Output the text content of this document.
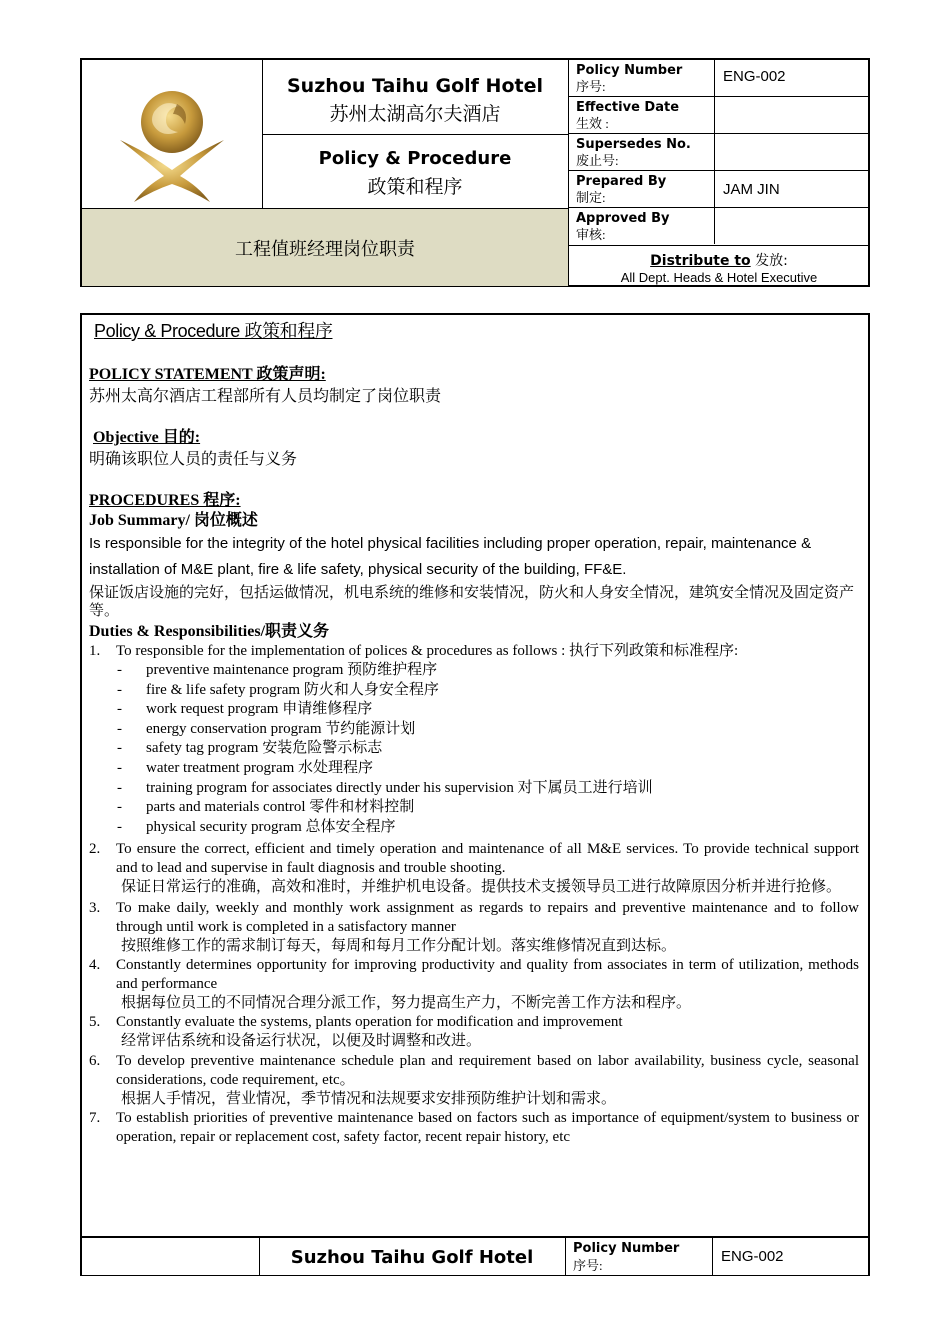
Suzhou Taihu Golf Hotel
苏州太湖高尔夫酒店
Policy & Procedure
政策和程序
工程值班经理岗位职责
Policy Number
序号:
ENG-002
Effective Date
生效 :
Supersedes No.
废止号:
Prepared By
制定:	JAM JIN
Approved By
审核:
Distribute to 发放:
All Dept. Heads & Hotel Executive
Policy & Procedure 政策和程序
POLICY STATEMENT 政策声明:
苏州太高尔酒店工程部所有人员均制定了岗位职责
Objective 目的:
明确该职位人员的责任与义务
PROCEDURES 程序:
Job Summary/ 岗位概述
Is responsible for the integrity of the hotel physical facilities including proper operation, repair, maintenance & installation of M&E plant, fire & life safety, physical security of the building, FF&E.
保证饭店设施的完好，包括运做情况，机电系统的维修和安装情况，防火和人身安全情况，建筑安全情况及固定资产等。
Duties & Responsibilities/职责义务
1. To responsible for the implementation of polices & procedures as follows : 执行下列政策和标准程序:
- preventive maintenance program 预防维护程序
- fire & life safety program 防火和人身安全程序
- work request program 申请维修程序
- energy conservation program 节约能源计划
- safety tag program 安装危险警示标志
- water treatment program 水处理程序
- training program for associates directly under his supervision 对下属员工进行培训
- parts and materials control 零件和材料控制
- physical security program 总体安全程序
2. To ensure the correct, efficient and timely operation and maintenance of all M&E services. To provide technical support and to lead and supervise in fault diagnosis and trouble shooting.
保证日常运行的准确，高效和准时，并维护机电设备。提供技术支援领导员工进行故障原因分析并进行抢修。
3. To make daily, weekly and monthly work assignment as regards to repairs and preventive maintenance and to follow through until work is completed in a satisfactory manner
按照维修工作的需求制订每天，每周和每月工作分配计划。落实维修情况直到达标。
4. Constantly determines opportunity for improving productivity and quality from associates in term of utilization, methods and performance
根据每位员工的不同情况合理分派工作，努力提高生产力，不断完善工作方法和程序。
5. Constantly evaluate the systems, plants operation for modification and improvement
经常评估系统和设备运行状况，以便及时调整和改进。
6. To develop preventive maintenance schedule plan and requirement based on labor availability, business cycle, seasonal considerations, code requirement, etc。
根据人手情况，营业情况，季节情况和法规要求安排预防维护计划和需求。
7. To establish priorities of preventive maintenance based on factors such as importance of equipment/system to business or operation, repair or replacement cost, safety factor, recent repair history, etc
Suzhou Taihu Golf Hotel	Policy Number
序号:
ENG-002
